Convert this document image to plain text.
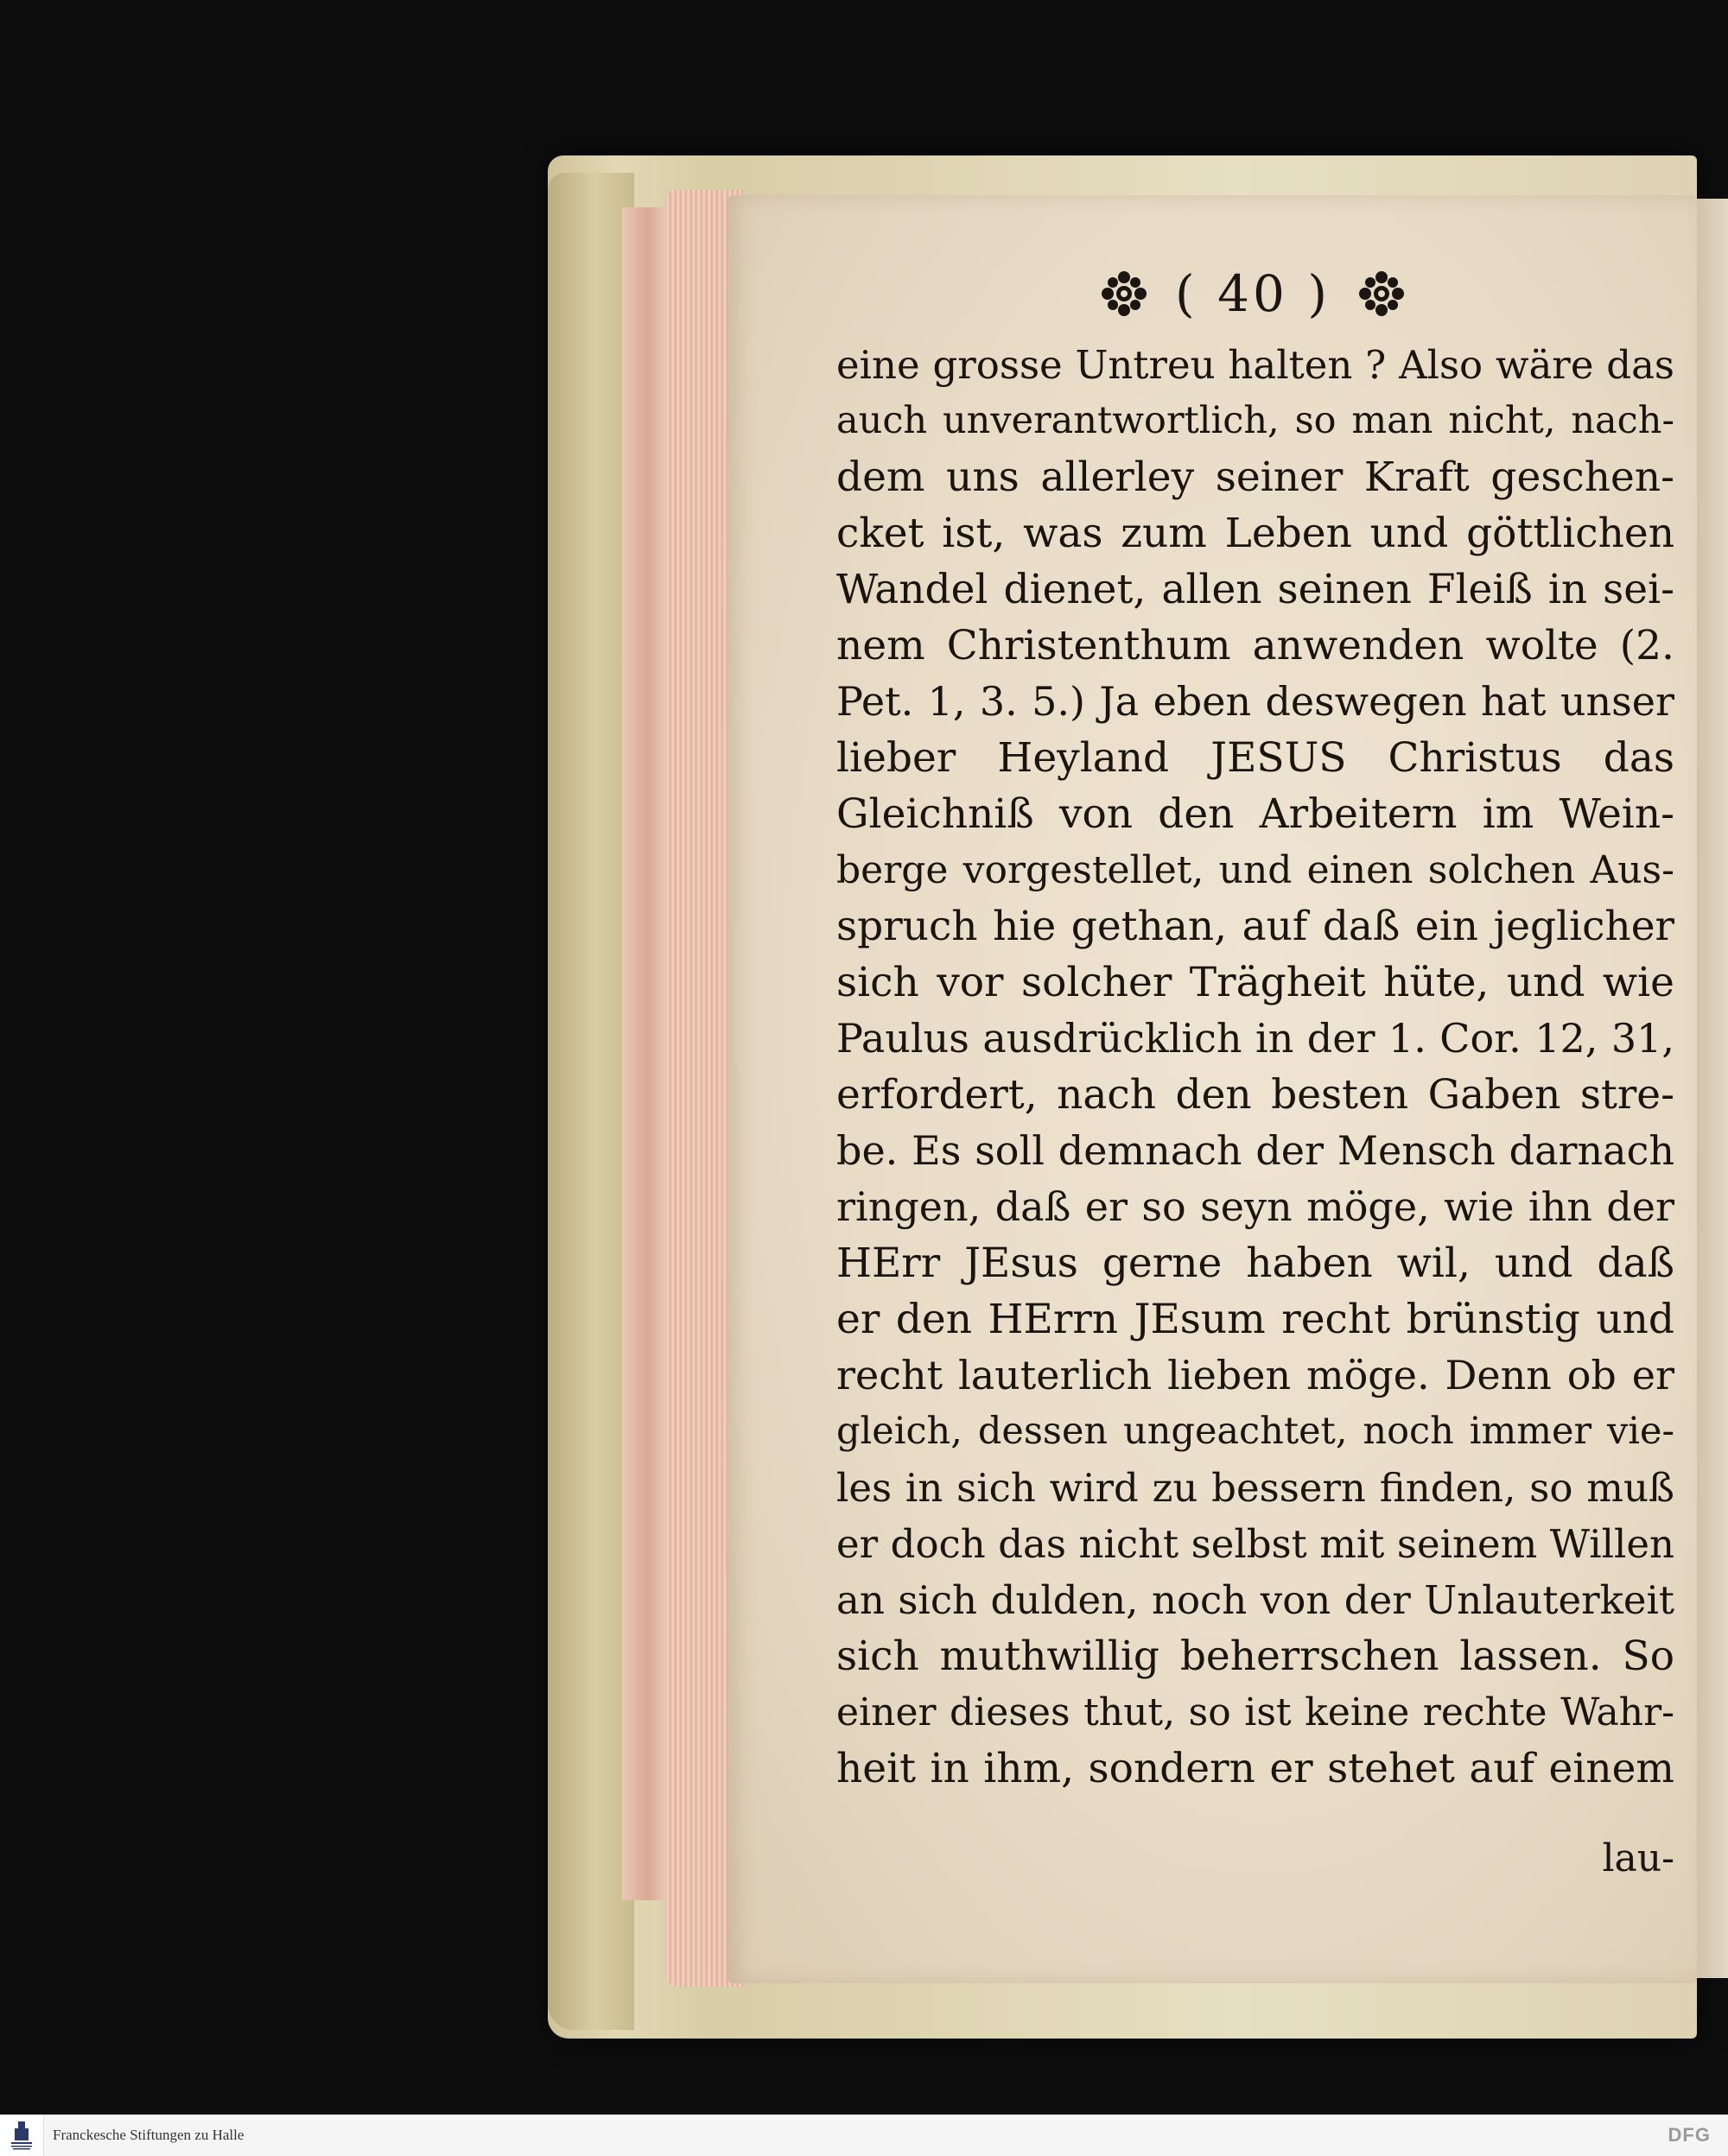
( 40 )
eine grosse Untreu halten ? Also wäre das
auch unverantwortlich, so man nicht, nach-
dem uns allerley seiner Kraft geschen-
cket ist, was zum Leben und göttlichen
Wandel dienet, allen seinen Fleiß in sei-
nem Christenthum anwenden wolte (2.
Pet. 1, 3. 5.) Ja eben deswegen hat unser
lieber Heyland JESUS Christus das
Gleichniß von den Arbeitern im Wein-
berge vorgestellet, und einen solchen Aus-
spruch hie gethan, auf daß ein jeglicher
sich vor solcher Trägheit hüte, und wie
Paulus ausdrücklich in der 1. Cor. 12, 31,
erfordert, nach den besten Gaben stre-
be. Es soll demnach der Mensch darnach
ringen, daß er so seyn möge, wie ihn der
HErr JEsus gerne haben wil, und daß
er den HErrn JEsum recht brünstig und
recht lauterlich lieben möge. Denn ob er
gleich, dessen ungeachtet, noch immer vie-
les in sich wird zu bessern finden, so muß
er doch das nicht selbst mit seinem Willen
an sich dulden, noch von der Unlauterkeit
sich muthwillig beherrschen lassen. So
einer dieses thut, so ist keine rechte Wahr-
heit in ihm, sondern er stehet auf einem
lau-
Franckesche Stiftungen zu Halle	DFG
